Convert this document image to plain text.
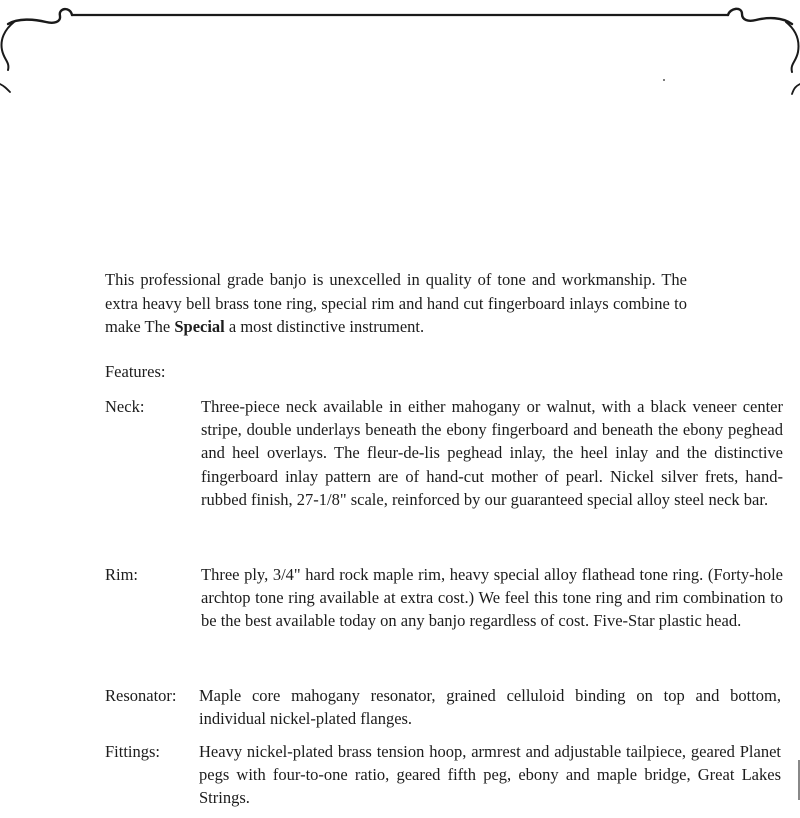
This professional grade banjo is unexcelled in quality of tone and workmanship. The extra heavy bell brass tone ring, special rim and hand cut fingerboard inlays combine to make The Special a most distinctive instrument.

Features:

Neck:	Three-piece neck available in either mahogany or walnut, with a black veneer center stripe, double underlays beneath the ebony fingerboard and beneath the ebony peghead and heel overlays. The fleur-de-lis peghead inlay, the heel inlay and the distinctive fingerboard inlay pattern are of hand-cut mother of pearl. Nickel silver frets, hand-rubbed finish, 27-1/8" scale, reinforced by our guaranteed special alloy steel neck bar.

Rim:	Three ply, 3/4" hard rock maple rim, heavy special alloy flathead tone ring. (Forty-hole archtop tone ring available at extra cost.) We feel this tone ring and rim combination to be the best available today on any banjo regardless of cost. Five-Star plastic head.

Resonator: Maple core mahogany resonator, grained celluloid binding on top and bottom, individual nickel-plated flanges.

Fittings: Heavy nickel-plated brass tension hoop, armrest and adjustable tailpiece, geared Planet pegs with four-to-one ratio, geared fifth peg, ebony and maple bridge, Great Lakes Strings.
